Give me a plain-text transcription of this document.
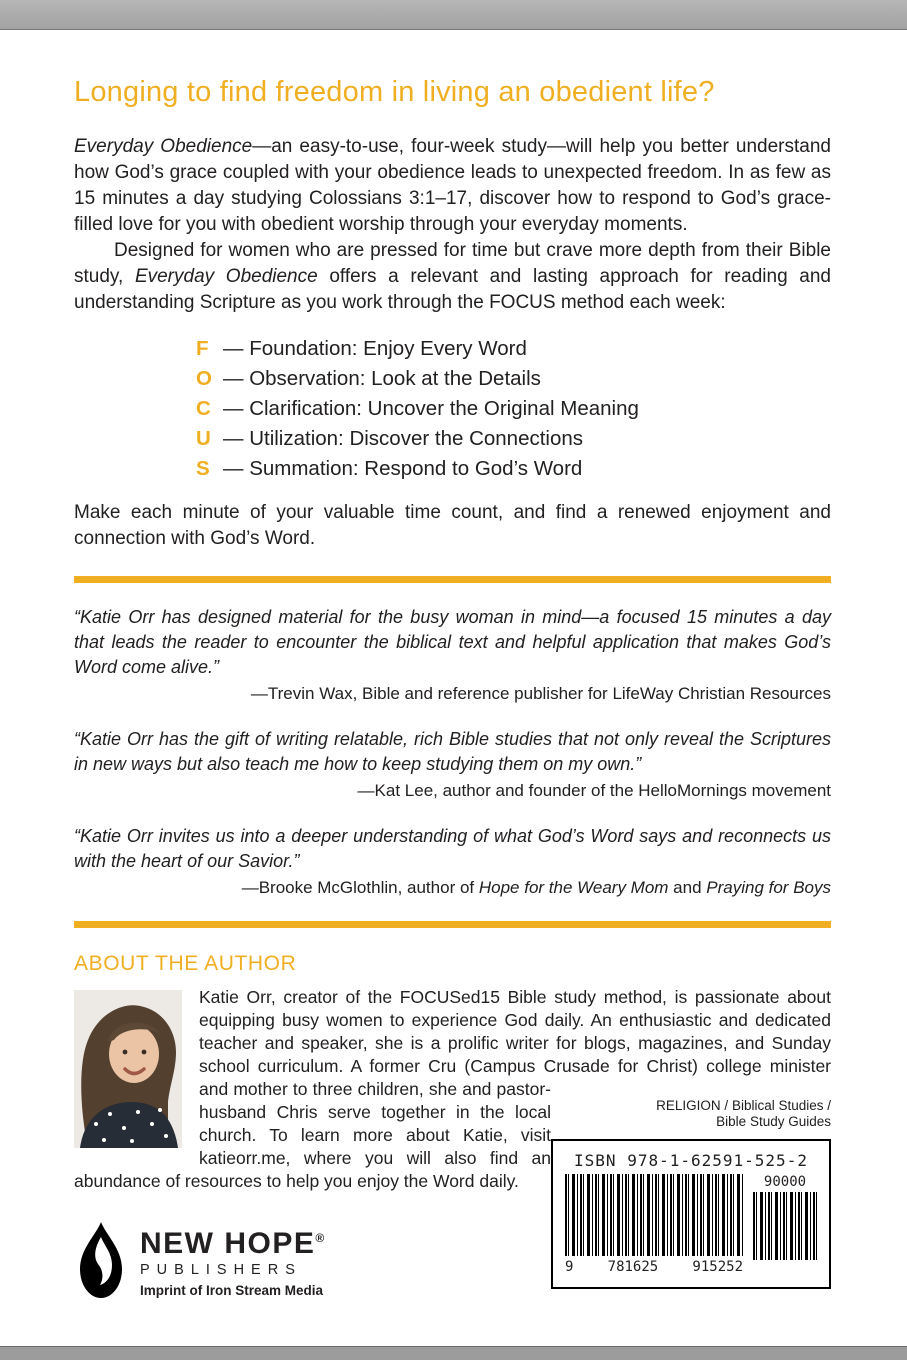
Longing to find freedom in living an obedient life?

Everyday Obedience—an easy-to-use, four-week study—will help you better understand how God’s grace coupled with your obedience leads to unexpected freedom. In as few as 15 minutes a day studying Colossians 3:1–17, discover how to respond to God’s grace-filled love for you with obedient worship through your everyday moments.

Designed for women who are pressed for time but crave more depth from their Bible study, Everyday Obedience offers a relevant and lasting approach for reading and understanding Scripture as you work through the FOCUS method each week:

F — Foundation: Enjoy Every Word
O — Observation: Look at the Details
C — Clarification: Uncover the Original Meaning
U — Utilization: Discover the Connections
S — Summation: Respond to God’s Word

Make each minute of your valuable time count, and find a renewed enjoyment and connection with God’s Word.

“Katie Orr has designed material for the busy woman in mind—a focused 15 minutes a day that leads the reader to encounter the biblical text and helpful application that makes God’s Word come alive.”

—Trevin Wax, Bible and reference publisher for LifeWay Christian Resources

“Katie Orr has the gift of writing relatable, rich Bible studies that not only reveal the Scriptures in new ways but also teach me how to keep studying them on my own.”

—Kat Lee, author and founder of the HelloMornings movement

“Katie Orr invites us into a deeper understanding of what God’s Word says and reconnects us with the heart of our Savior.”

—Brooke McGlothlin, author of Hope for the Weary Mom and Praying for Boys

ABOUT THE AUTHOR

RELIGION / Biblical Studies /
Bible Study Guides

ISBN 978-1-62591-525-2
9 781625 915252
90000

Katie Orr, creator of the FOCUSed15 Bible study method, is passionate about equipping busy women to experience God daily. An enthusiastic and dedicated teacher and speaker, she is a prolific writer for blogs, magazines, and Sunday school curriculum. A former Cru (Campus Crusade for Christ) college minister and mother to three children, she and pastor-husband Chris serve together in the local church. To learn more about Katie, visit katieorr.me, where you will also find an abundance of resources to help you enjoy the Word daily.

NEW HOPE®
PUBLISHERS
Imprint of Iron Stream Media
